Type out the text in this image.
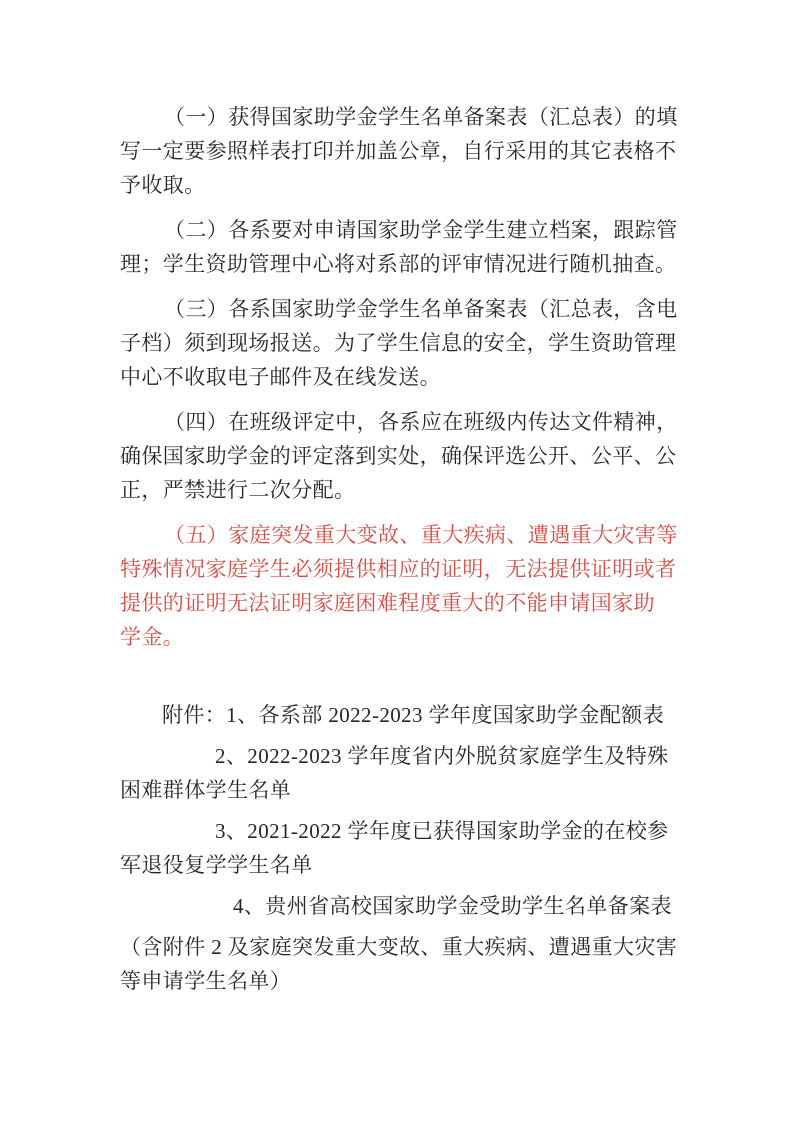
（一）获得国家助学金学生名单备案表（汇总表）的填
写一定要参照样表打印并加盖公章，自行采用的其它表格不
予收取。

（二）各系要对申请国家助学金学生建立档案，跟踪管
理；学生资助管理中心将对系部的评审情况进行随机抽查。

（三）各系国家助学金学生名单备案表（汇总表，含电
子档）须到现场报送。为了学生信息的安全，学生资助管理
中心不收取电子邮件及在线发送。

（四）在班级评定中，各系应在班级内传达文件精神，
确保国家助学金的评定落到实处，确保评选公开、公平、公
正，严禁进行二次分配。

（五）家庭突发重大变故、重大疾病、遭遇重大灾害等
特殊情况家庭学生必须提供相应的证明，无法提供证明或者
提供的证明无法证明家庭困难程度重大的不能申请国家助
学金。

附件：1、各系部 2022-2023 学年度国家助学金配额表

2、2022-2023 学年度省内外脱贫家庭学生及特殊
困难群体学生名单

3、2021-2022 学年度已获得国家助学金的在校参
军退役复学学生名单

4、贵州省高校国家助学金受助学生名单备案表

（含附件 2 及家庭突发重大变故、重大疾病、遭遇重大灾害
等申请学生名单）
